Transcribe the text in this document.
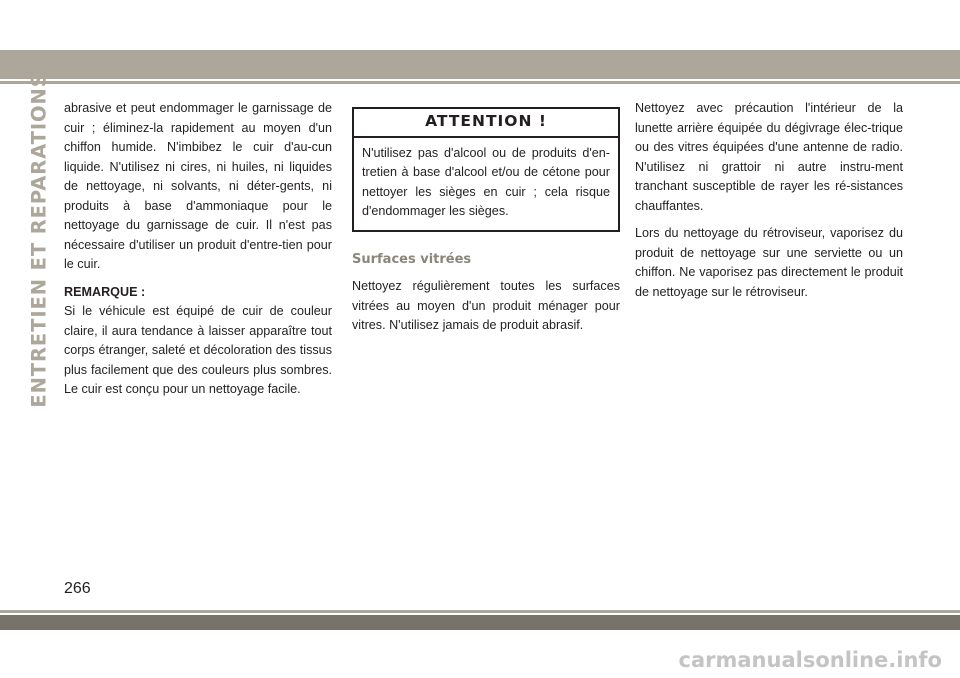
ENTRETIEN ET REPARATIONS abrasive et peut endommager le garnissage de cuir ; éliminez-la rapidement au moyen d'un chiffon humide. N'imbibez le cuir d'au-cun liquide. N'utilisez ni cires, ni huiles, ni liquides de nettoyage, ni solvants, ni déter-gents, ni produits à base d'ammoniaque pour le nettoyage du garnissage de cuir. Il n'est pas nécessaire d'utiliser un produit d'entre-tien pour le cuir.

REMARQUE :
Si le véhicule est équipé de cuir de couleur claire, il aura tendance à laisser apparaître tout corps étranger, saleté et décoloration des tissus plus facilement que des couleurs plus sombres. Le cuir est conçu pour un nettoyage facile.

ATTENTION !
N'utilisez pas d'alcool ou de produits d'en-tretien à base d'alcool et/ou de cétone pour nettoyer les sièges en cuir ; cela risque d'endommager les sièges.
Surfaces vitrées

Nettoyez régulièrement toutes les surfaces vitrées au moyen d'un produit ménager pour vitres. N'utilisez jamais de produit abrasif.

Nettoyez avec précaution l'intérieur de la lunette arrière équipée du dégivrage élec-trique ou des vitres équipées d'une antenne de radio. N'utilisez ni grattoir ni autre instru-ment tranchant susceptible de rayer les ré-sistances chauffantes.

Lors du nettoyage du rétroviseur, vaporisez du produit de nettoyage sur une serviette ou un chiffon. Ne vaporisez pas directement le produit de nettoyage sur le rétroviseur.

266
carmanualsonline.info
